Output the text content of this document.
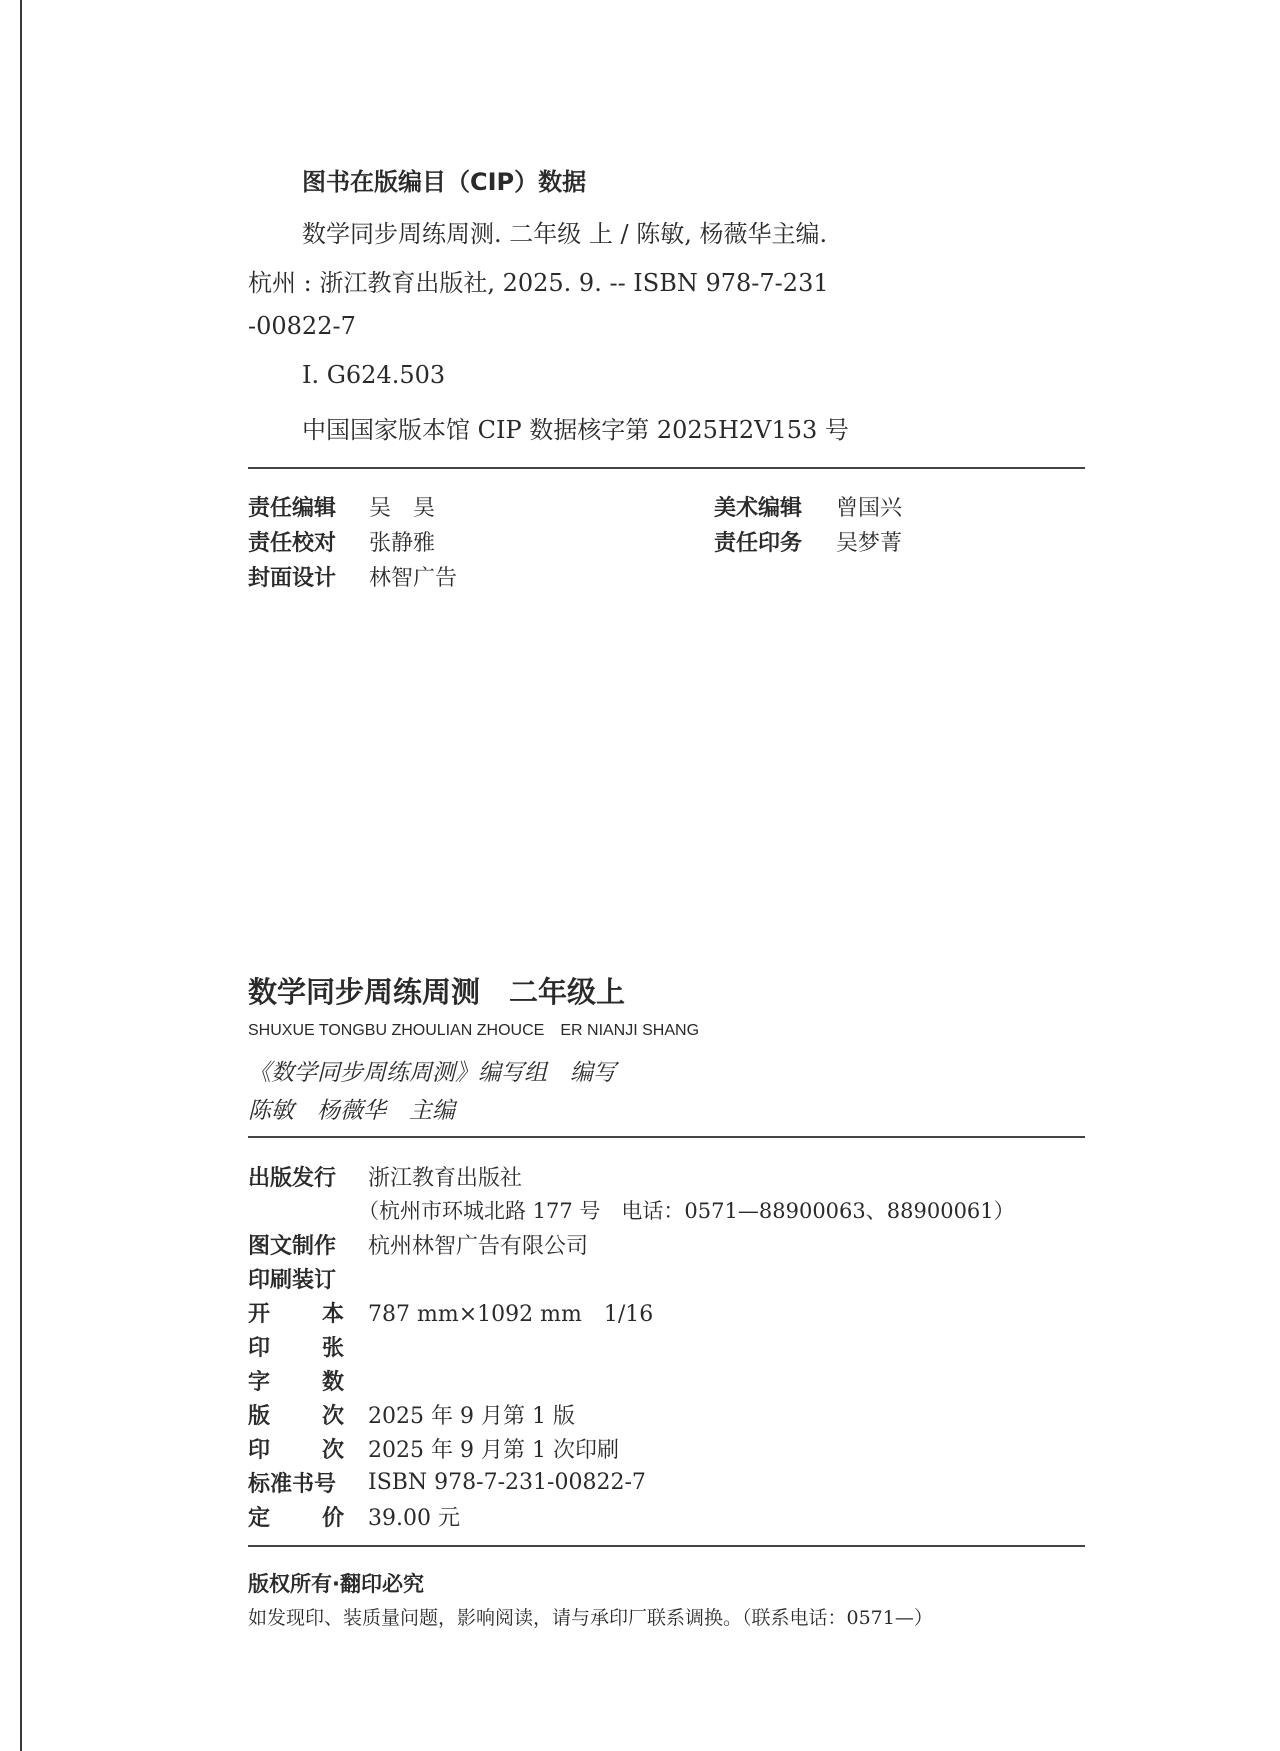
图书在版编目（CIP）数据
数学同步周练周测. 二年级 上 / 陈敏, 杨薇华主编.
杭州 : 浙江教育出版社, 2025. 9. -- ISBN 978-7-231
-00822-7
Ⅰ. G624.503
中国国家版本馆 CIP 数据核字第 2025H2V153 号
责任编辑 吴　昊	美术编辑 曾国兴
责任校对 张静雅	责任印务 吴梦菁
封面设计 林智广告
数学同步周练周测　二年级上
SHUXUE TONGBU ZHOULIAN ZHOUCE　ER NIANJI SHANG
《数学同步周练周测》编写组　编写
陈敏　杨薇华　主编
出版发行	浙江教育出版社
（杭州市环城北路 177 号　电话：0571—88900063、88900061）
图文制作	杭州林智广告有限公司
印刷装订
开 本 787 mm×1092 mm　1/16
印 张
字 数
版 次 2025 年 9 月第 1 版
印 次 2025 年 9 月第 1 次印刷
标准书号	ISBN 978-7-231-00822-7
定 价 39.00 元
版权所有·翻印必究
如发现印、装质量问题，影响阅读，请与承印厂联系调换。（联系电话：0571—）
